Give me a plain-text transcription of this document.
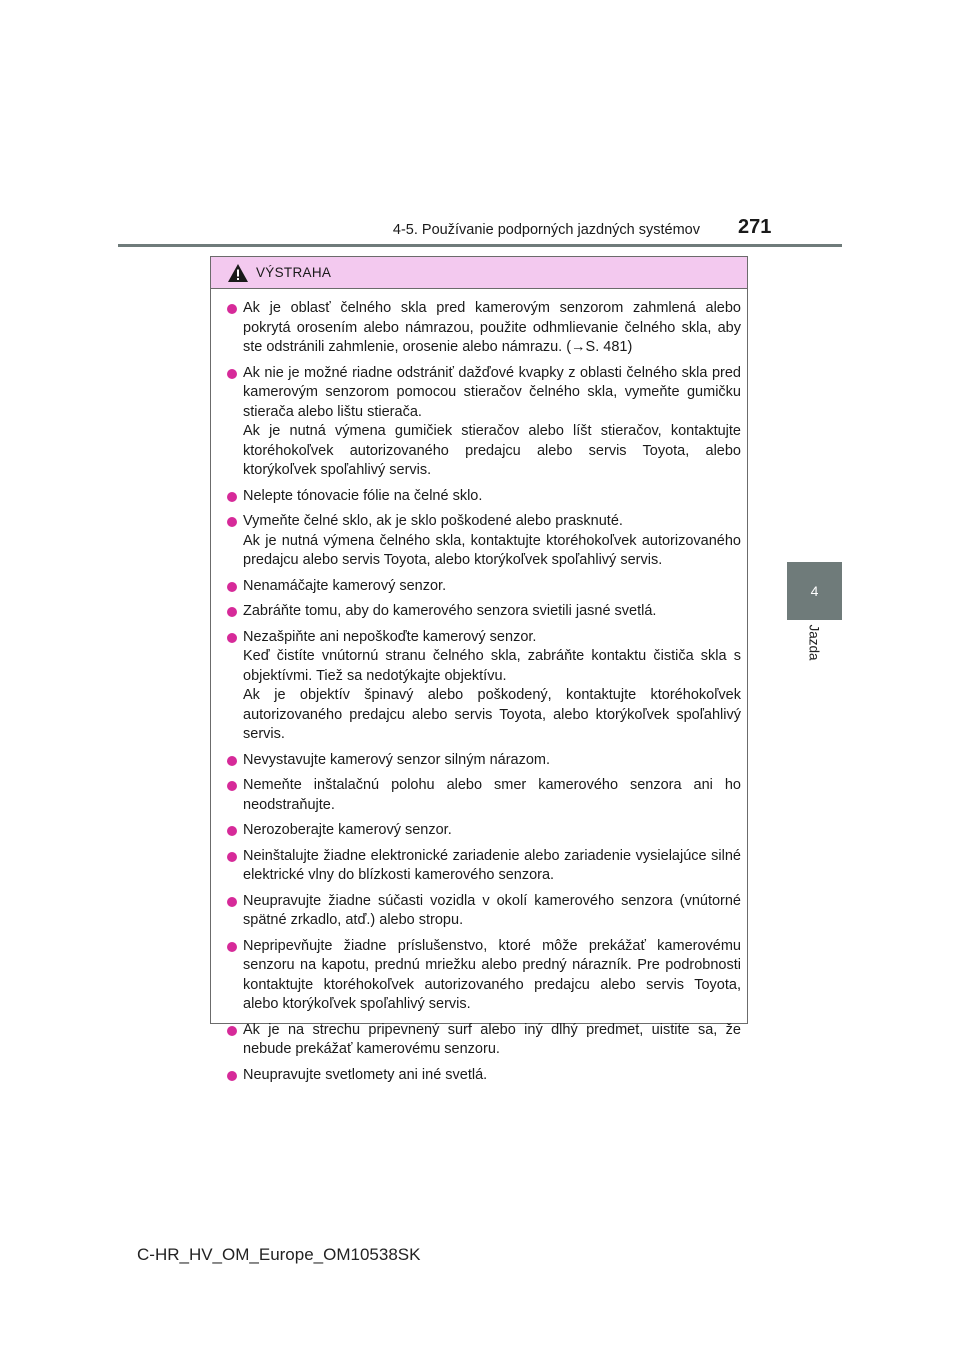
4-5. Používanie podporných jazdných systémov 271
4
Jazda
VÝSTRAHA
Ak je oblasť čelného skla pred kamerovým senzorom zahmlená alebo pokrytá orosením alebo námrazou, použite odhmlievanie čelného skla, aby ste odstránili zahmlenie, orosenie alebo námrazu. (→S. 481)
Ak nie je možné riadne odstrániť dažďové kvapky z oblasti čelného skla pred kamerovým senzorom pomocou stieračov čelného skla, vymeňte gumičku stierača alebo lištu stierača.
Ak je nutná výmena gumičiek stieračov alebo líšt stieračov, kontaktujte ktoréhokoľvek autorizovaného predajcu alebo servis Toyota, alebo ktorýkoľvek spoľahlivý servis.
Nelepte tónovacie fólie na čelné sklo.
Vymeňte čelné sklo, ak je sklo poškodené alebo prasknuté.
Ak je nutná výmena čelného skla, kontaktujte ktoréhokoľvek autorizovaného predajcu alebo servis Toyota, alebo ktorýkoľvek spoľahlivý servis.
Nenamáčajte kamerový senzor.
Zabráňte tomu, aby do kamerového senzora svietili jasné svetlá.
Nezašpiňte ani nepoškoďte kamerový senzor.
Keď čistíte vnútornú stranu čelného skla, zabráňte kontaktu čističa skla s objektívmi. Tiež sa nedotýkajte objektívu.
Ak je objektív špinavý alebo poškodený, kontaktujte ktoréhokoľvek autorizovaného predajcu alebo servis Toyota, alebo ktorýkoľvek spoľahlivý servis.
Nevystavujte kamerový senzor silným nárazom.
Nemeňte inštalačnú polohu alebo smer kamerového senzora ani ho neodstraňujte.
Nerozoberajte kamerový senzor.
Neinštalujte žiadne elektronické zariadenie alebo zariadenie vysielajúce silné elektrické vlny do blízkosti kamerového senzora.
Neupravujte žiadne súčasti vozidla v okolí kamerového senzora (vnútorné spätné zrkadlo, atď.) alebo stropu.
Nepripevňujte žiadne príslušenstvo, ktoré môže prekážať kamerovému senzoru na kapotu, prednú mriežku alebo predný nárazník. Pre podrobnosti kontaktujte ktoréhokoľvek autorizovaného predajcu alebo servis Toyota, alebo ktorýkoľvek spoľahlivý servis.
Ak je na strechu pripevnený surf alebo iný dlhý predmet, uistite sa, že nebude prekážať kamerovému senzoru.
Neupravujte svetlomety ani iné svetlá.
C-HR_HV_OM_Europe_OM10538SK
